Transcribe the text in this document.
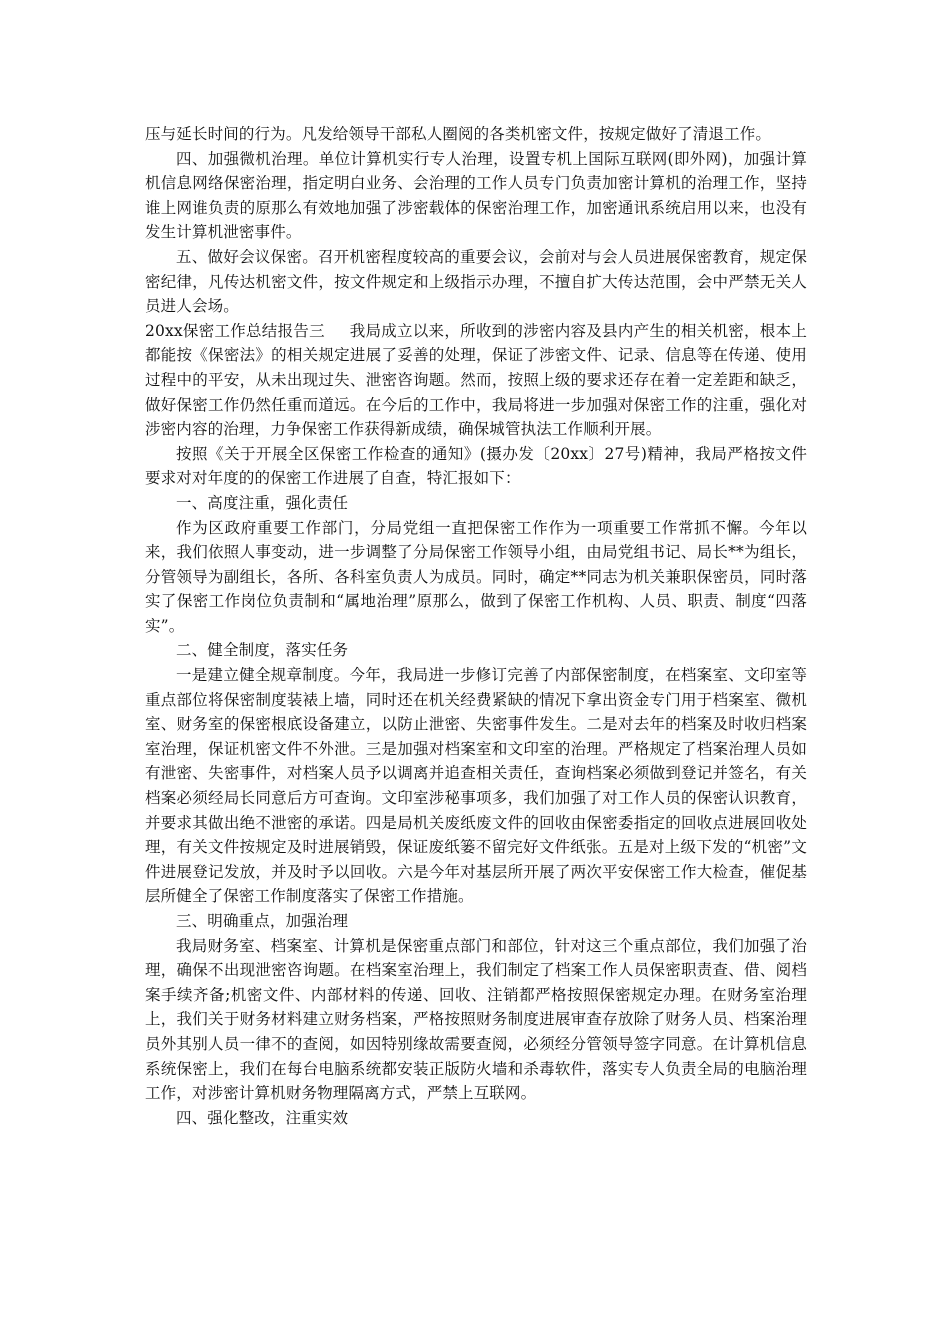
压与延长时间的行为。凡发给领导干部私人圈阅的各类机密文件，按规定做好了清退工作。

四、加强微机治理。单位计算机实行专人治理，设置专机上国际互联网(即外网)，加强计算机信息网络保密治理，指定明白业务、会治理的工作人员专门负责加密计算机的治理工作，坚持谁上网谁负责的原那么有效地加强了涉密载体的保密治理工作，加密通讯系统启用以来，也没有发生计算机泄密事件。

五、做好会议保密。召开机密程度较高的重要会议，会前对与会人员进展保密教育，规定保密纪律，凡传达机密文件，按文件规定和上级指示办理，不擅自扩大传达范围，会中严禁无关人员进人会场。

20xx保密工作总结报告三 我局成立以来，所收到的涉密内容及县内产生的相关机密，根本上都能按《保密法》的相关规定进展了妥善的处理，保证了涉密文件、记录、信息等在传递、使用过程中的平安，从未出现过失、泄密咨询题。然而，按照上级的要求还存在着一定差距和缺乏，做好保密工作仍然任重而道远。在今后的工作中，我局将进一步加强对保密工作的注重，强化对涉密内容的治理，力争保密工作获得新成绩，确保城管执法工作顺利开展。

按照《关于开展全区保密工作检查的通知》(摄办发〔20xx〕27号)精神，我局严格按文件要求对对年度的的保密工作进展了自查，特汇报如下：

一、高度注重，强化责任

作为区政府重要工作部门，分局党组一直把保密工作作为一项重要工作常抓不懈。今年以来，我们依照人事变动，进一步调整了分局保密工作领导小组，由局党组书记、局长**为组长，分管领导为副组长，各所、各科室负责人为成员。同时，确定**同志为机关兼职保密员，同时落实了保密工作岗位负责制和“属地治理”原那么，做到了保密工作机构、人员、职责、制度“四落实”。

二、健全制度，落实任务

一是建立健全规章制度。今年，我局进一步修订完善了内部保密制度，在档案室、文印室等重点部位将保密制度装裱上墙，同时还在机关经费紧缺的情况下拿出资金专门用于档案室、微机室、财务室的保密根底设备建立，以防止泄密、失密事件发生。二是对去年的档案及时收归档案室治理，保证机密文件不外泄。三是加强对档案室和文印室的治理。严格规定了档案治理人员如有泄密、失密事件，对档案人员予以调离并追查相关责任，查询档案必须做到登记并签名，有关档案必须经局长同意后方可查询。文印室涉秘事项多，我们加强了对工作人员的保密认识教育，并要求其做出绝不泄密的承诺。四是局机关废纸废文件的回收由保密委指定的回收点进展回收处理，有关文件按规定及时进展销毁，保证废纸篓不留完好文件纸张。五是对上级下发的“机密”文件进展登记发放，并及时予以回收。六是今年对基层所开展了两次平安保密工作大检查，催促基层所健全了保密工作制度落实了保密工作措施。

三、明确重点，加强治理

我局财务室、档案室、计算机是保密重点部门和部位，针对这三个重点部位，我们加强了治理，确保不出现泄密咨询题。在档案室治理上，我们制定了档案工作人员保密职责查、借、阅档案手续齐备;机密文件、内部材料的传递、回收、注销都严格按照保密规定办理。在财务室治理上，我们关于财务材料建立财务档案，严格按照财务制度进展审查存放除了财务人员、档案治理员外其别人员一律不的查阅，如因特别缘故需要查阅，必须经分管领导签字同意。在计算机信息系统保密上，我们在每台电脑系统都安装正版防火墙和杀毒软件，落实专人负责全局的电脑治理工作，对涉密计算机财务物理隔离方式，严禁上互联网。

四、强化整改，注重实效
